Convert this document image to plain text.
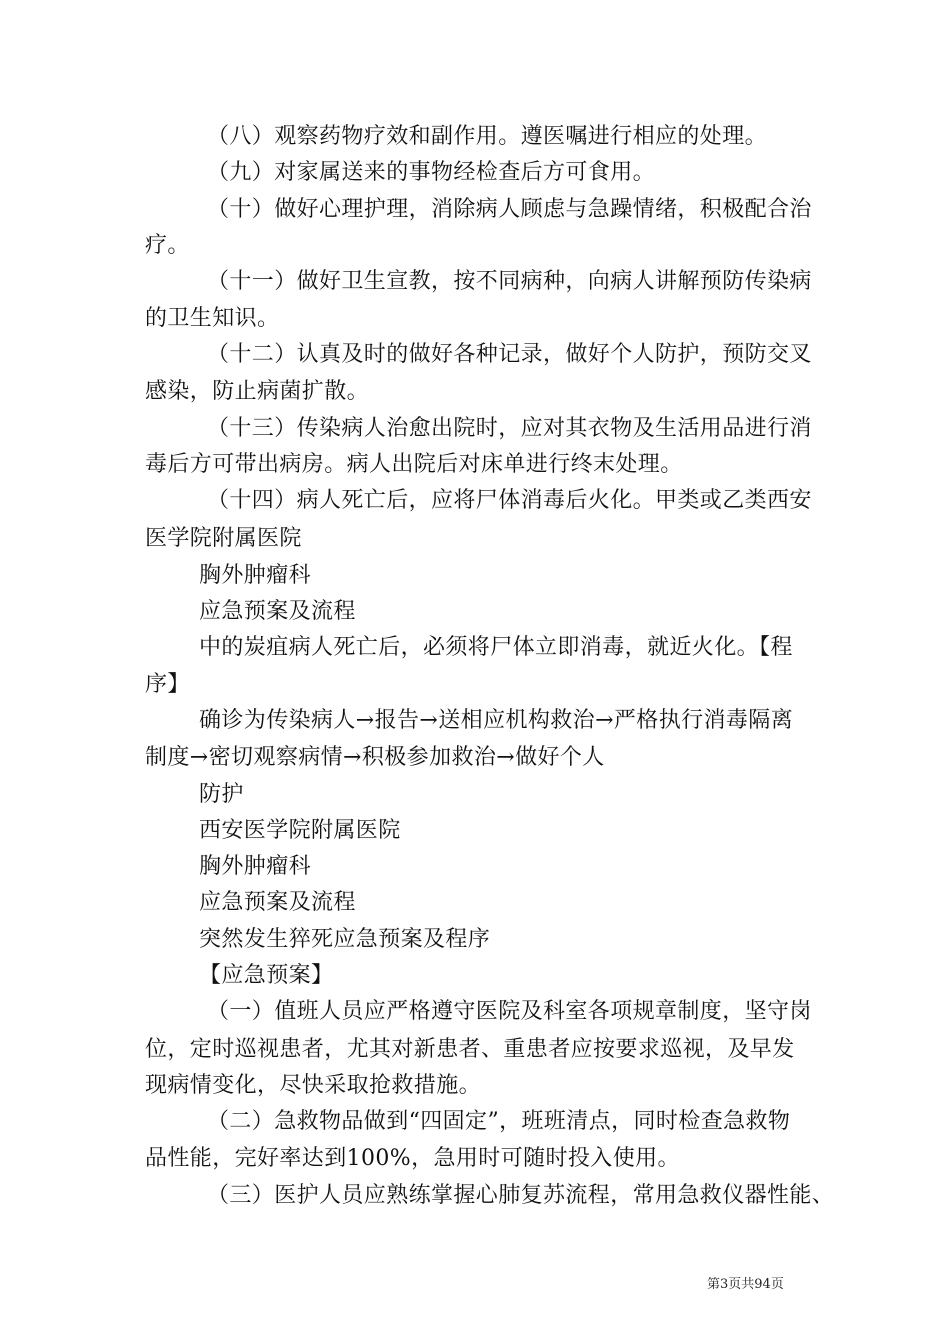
（八）观察药物疗效和副作用。遵医嘱进行相应的处理。
（九）对家属送来的事物经检查后方可食用。
（十）做好心理护理，消除病人顾虑与急躁情绪，积极配合治
疗。
（十一）做好卫生宣教，按不同病种，向病人讲解预防传染病
的卫生知识。
（十二）认真及时的做好各种记录，做好个人防护，预防交叉
感染，防止病菌扩散。
（十三）传染病人治愈出院时，应对其衣物及生活用品进行消
毒后方可带出病房。病人出院后对床单进行终末处理。
（十四）病人死亡后，应将尸体消毒后火化。甲类或乙类西安
医学院附属医院
胸外肿瘤科
应急预案及流程
中的炭疽病人死亡后，必须将尸体立即消毒，就近火化。【程
序】
确诊为传染病人→报告→送相应机构救治→严格执行消毒隔离
制度→密切观察病情→积极参加救治→做好个人
防护
西安医学院附属医院
胸外肿瘤科
应急预案及流程
突然发生猝死应急预案及程序
【应急预案】
（一）值班人员应严格遵守医院及科室各项规章制度，坚守岗
位，定时巡视患者，尤其对新患者、重患者应按要求巡视，及早发
现病情变化，尽快采取抢救措施。
（二）急救物品做到“四固定”，班班清点，同时检查急救物
品性能，完好率达到100%，急用时可随时投入使用。
（三）医护人员应熟练掌握心肺复苏流程，常用急救仪器性能、
第3页共94页
